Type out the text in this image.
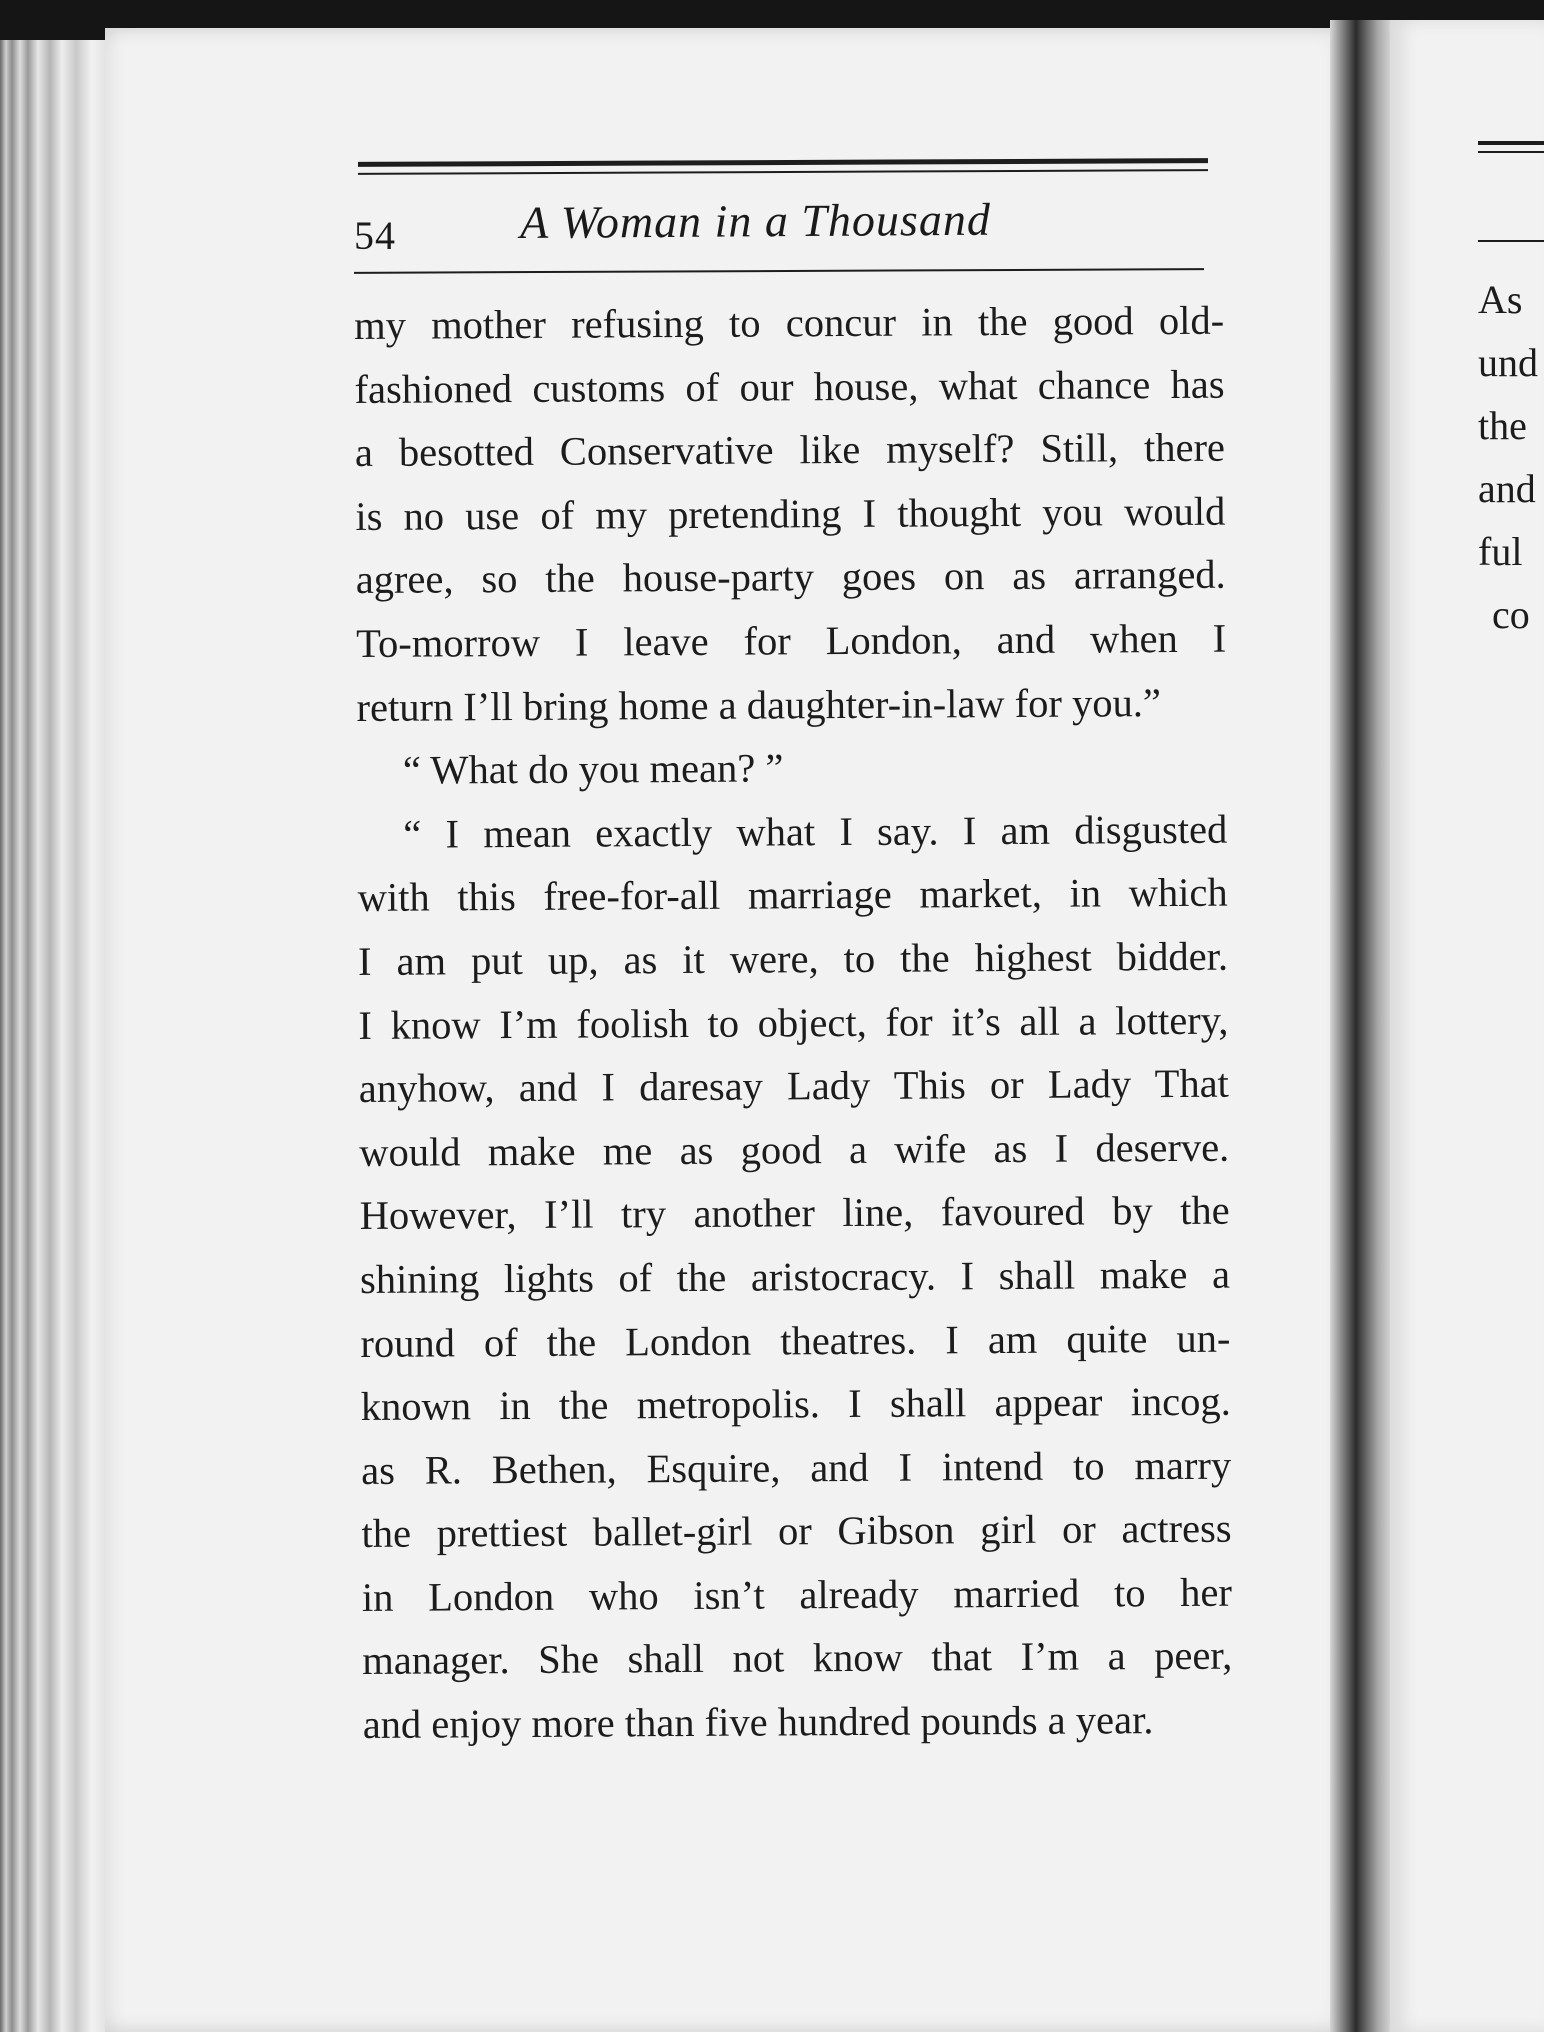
54	A Woman in a Thousand
my mother refusing to concur in the good old-
fashioned customs of our house, what chance has
a besotted Conservative like myself? Still, there
is no use of my pretending I thought you would
agree, so the house-party goes on as arranged.
To-morrow I leave for London, and when I
return I’ll bring home a daughter-in-law for you.”
“ What do you mean? ”
“ I mean exactly what I say. I am disgusted
with this free-for-all marriage market, in which
I am put up, as it were, to the highest bidder.
I know I’m foolish to object, for it’s all a lottery,
anyhow, and I daresay Lady This or Lady That
would make me as good a wife as I deserve.
However, I’ll try another line, favoured by the
shining lights of the aristocracy. I shall make a
round of the London theatres. I am quite un-
known in the metropolis. I shall appear incog.
as R. Bethen, Esquire, and I intend to marry
the prettiest ballet-girl or Gibson girl or actress
in London who isn’t already married to her
manager. She shall not know that I’m a peer,
and enjoy more than five hundred pounds a year.
As
und
the
and
ful
co
